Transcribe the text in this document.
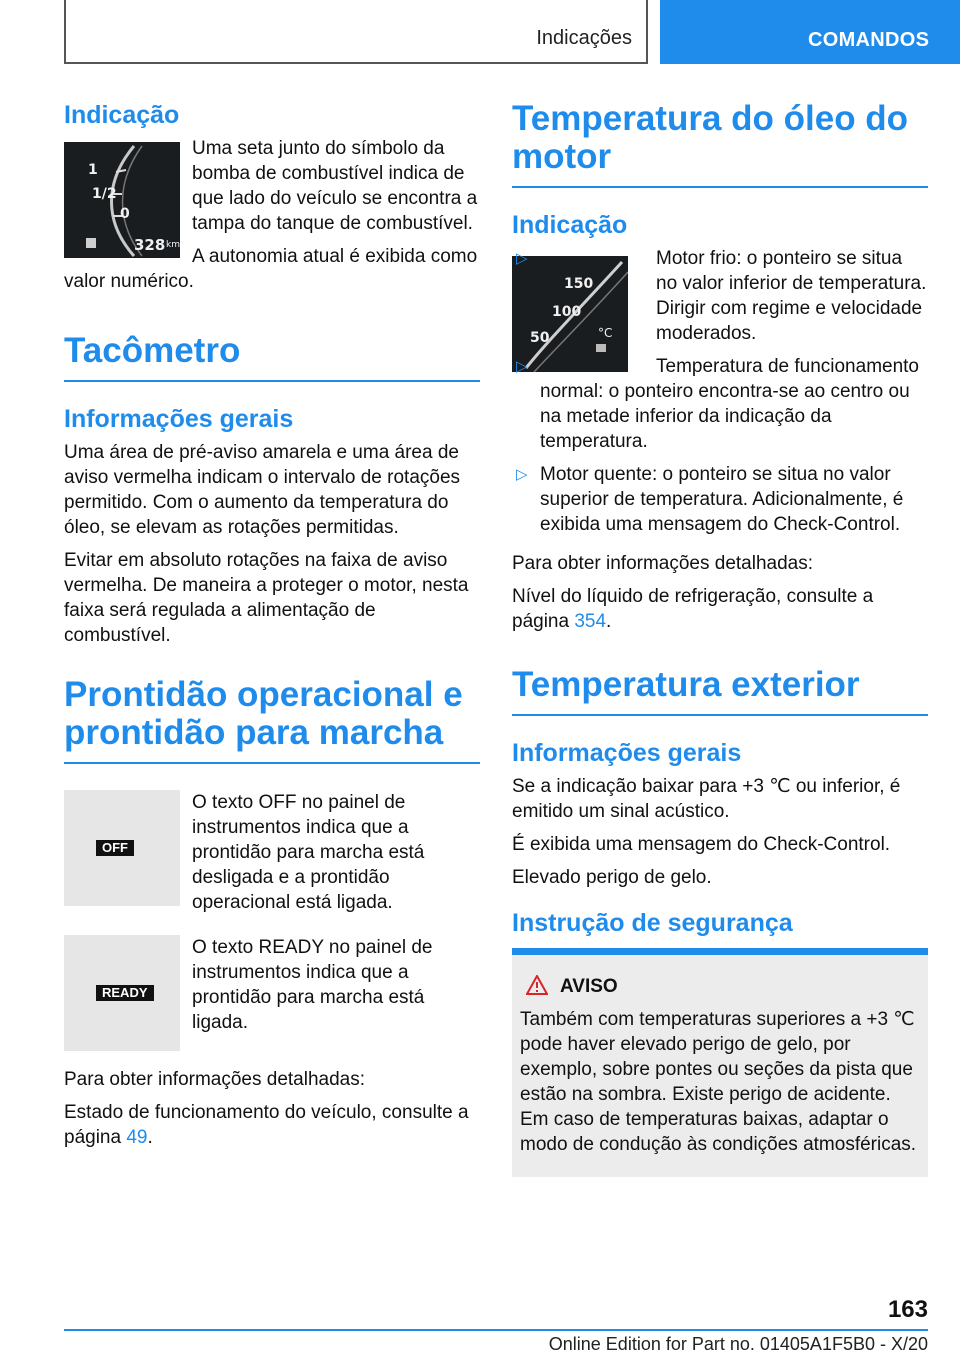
Indicações	COMANDOS
Indicação
1
1/2
0
328 km

Uma seta junto do símbolo da bomba de combustível indica de que lado do veículo se encontra a tampa do tanque de combustível.

A autonomia atual é exibida como valor numérico.

Tacômetro
Informações gerais

Uma área de pré-aviso amarela e uma área de aviso vermelha indicam o intervalo de rotações permitido. Com o aumento da temperatura do óleo, se elevam as rotações permitidas.

Evitar em absoluto rotações na faixa de aviso vermelha. De maneira a proteger o motor, nesta faixa será regulada a alimentação de combustível.

Prontidão operacional e prontidão para marcha
OFF

O texto OFF no painel de instrumentos indica que a prontidão para marcha está desligada e a prontidão operacional está ligada.

READY

O texto READY no painel de instrumentos indica que a prontidão para marcha está ligada.

Para obter informações detalhadas:

Estado de funcionamento do veículo, consulte a página 49.

Temperatura do óleo do motor
Indicação
150
100
50	°C
▷	Motor frio: o ponteiro se situa no valor inferior de temperatura. Dirigir com regime e velocidade moderados.
▷	Temperatura de funcionamento normal: o ponteiro encontra-se ao centro ou na metade inferior da indicação da temperatura.
▷ Motor quente: o ponteiro se situa no valor superior de temperatura. Adicionalmente, é exibida uma mensagem do Check-Control.

Para obter informações detalhadas:

Nível do líquido de refrigeração, consulte a página 354.

Temperatura exterior
Informações gerais

Se a indicação baixar para +3 ℃ ou inferior, é emitido um sinal acústico.

É exibida uma mensagem do Check-Control.

Elevado perigo de gelo.

Instrução de segurança
AVISO

Também com temperaturas superiores a +3 ℃ pode haver elevado perigo de gelo, por exemplo, sobre pontes ou seções da pista que estão na sombra. Existe perigo de acidente. Em caso de temperaturas baixas, adaptar o modo de condução às condições atmosféricas.

163
Online Edition for Part no. 01405A1F5B0 - X/20
